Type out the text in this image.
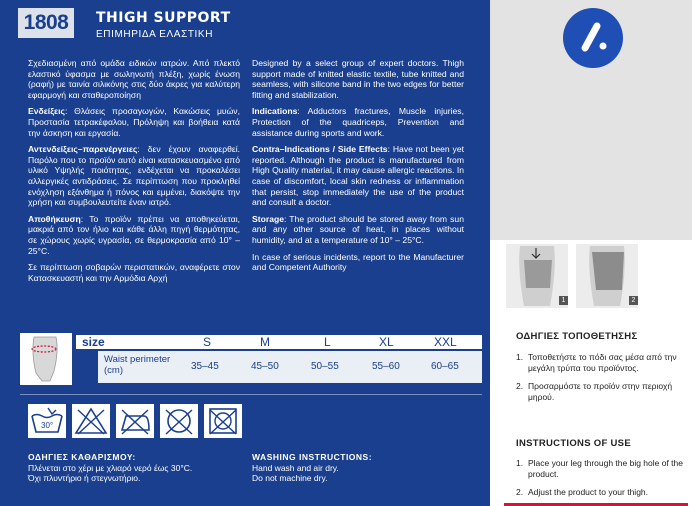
1808	THIGH SUPPORT
ΕΠΙΜΗΡΙΔΑ ΕΛΑΣΤΙΚΗ

Σχεδιασμένη από ομάδα ειδικών ιατρών. Από πλεκτό ελαστικό ύφασμα με σωληνωτή πλέξη, χωρίς ένωση (ραφή) με ταινία σιλικόνης στις δύο άκρες για καλύτερη εφαρμογή και σταθεροποίηση

Ενδείξεις: Θλάσεις προσαγωγών, Κακώσεις μυών, Προστασία τετρακέφαλου, Πρόληψη και βοήθεια κατά την άσκηση και εργασία.

Αντενδείξεις–παρενέργειες: δεν έχουν αναφερθεί. Παρόλο που το προϊόν αυτό είναι κατασκευασμένο από υλικό Υψηλής ποιότητας, ενδέχεται να προκαλέσει αλλεργικές αντιδράσεις. Σε περίπτωση που προκληθεί ενόχληση εξάνθημα ή πόνος και εμμένει, διακόψτε την χρήση και συμβουλευτείτε έναν ιατρό.

Αποθήκευση: Το προϊόν πρέπει να αποθηκεύεται, μακριά από τον ήλιο και κάθε άλλη πηγή θερμότητας, σε χώρους χωρίς υγρασία, σε θερμοκρασία από 10° –25°C.

Σε περίπτωση σοβαρών περιστατικών, αναφέρετε στον Κατασκευαστή και την Αρμόδια Αρχή

Designed by a select group of expert doctors. Thigh support made of knitted elastic textile, tube knitted and seamless, with silicone band in the two edges for better fitting and stabilization.

Indications: Adductors fractures, Muscle injuries, Protection of the quadriceps, Prevention and assistance during sports and work.

Contra–Indications / Side Effects: Have not been yet reported. Although the product is manufactured from High Quality material, it may cause allergic reactions. In case of discomfort, local skin redness or inflammation that persist, stop immediately the use of the product and consult a doctor.

Storage: The product should be stored away from sun and any other source of heat, in places without humidity, and at a temperature of 10° – 25°C.

In case of serious incidents, report to the Manufacturer and Competent Authority

size	S	M	L	XL	XXL
Waist perimeter (cm)	35–45	45–50	50–55	55–60	60–65
30°
ΟΔΗΓΙΕΣ ΚΑΘΑΡΙΣΜΟΥ:
Πλένεται στο χέρι με χλιαρό νερό έως 30°C.
Όχι πλυντήριο ή στεγνωτήριο.
WASHING INSTRUCTIONS:
Hand wash and air dry.
Do not machine dry.
1	2
ΟΔΗΓΙΕΣ ΤΟΠΟΘΕΤΗΣΗΣ
1. Τοποθετήστε το πόδι σας μέσα από την μεγάλη τρύπα του προϊόντος.
2. Προσαρμόστε το προϊόν στην περιοχή μηρού.
INSTRUCTIONS OF USE
1. Place your leg through the big hole of the product.
2. Adjust the product to your thigh.
